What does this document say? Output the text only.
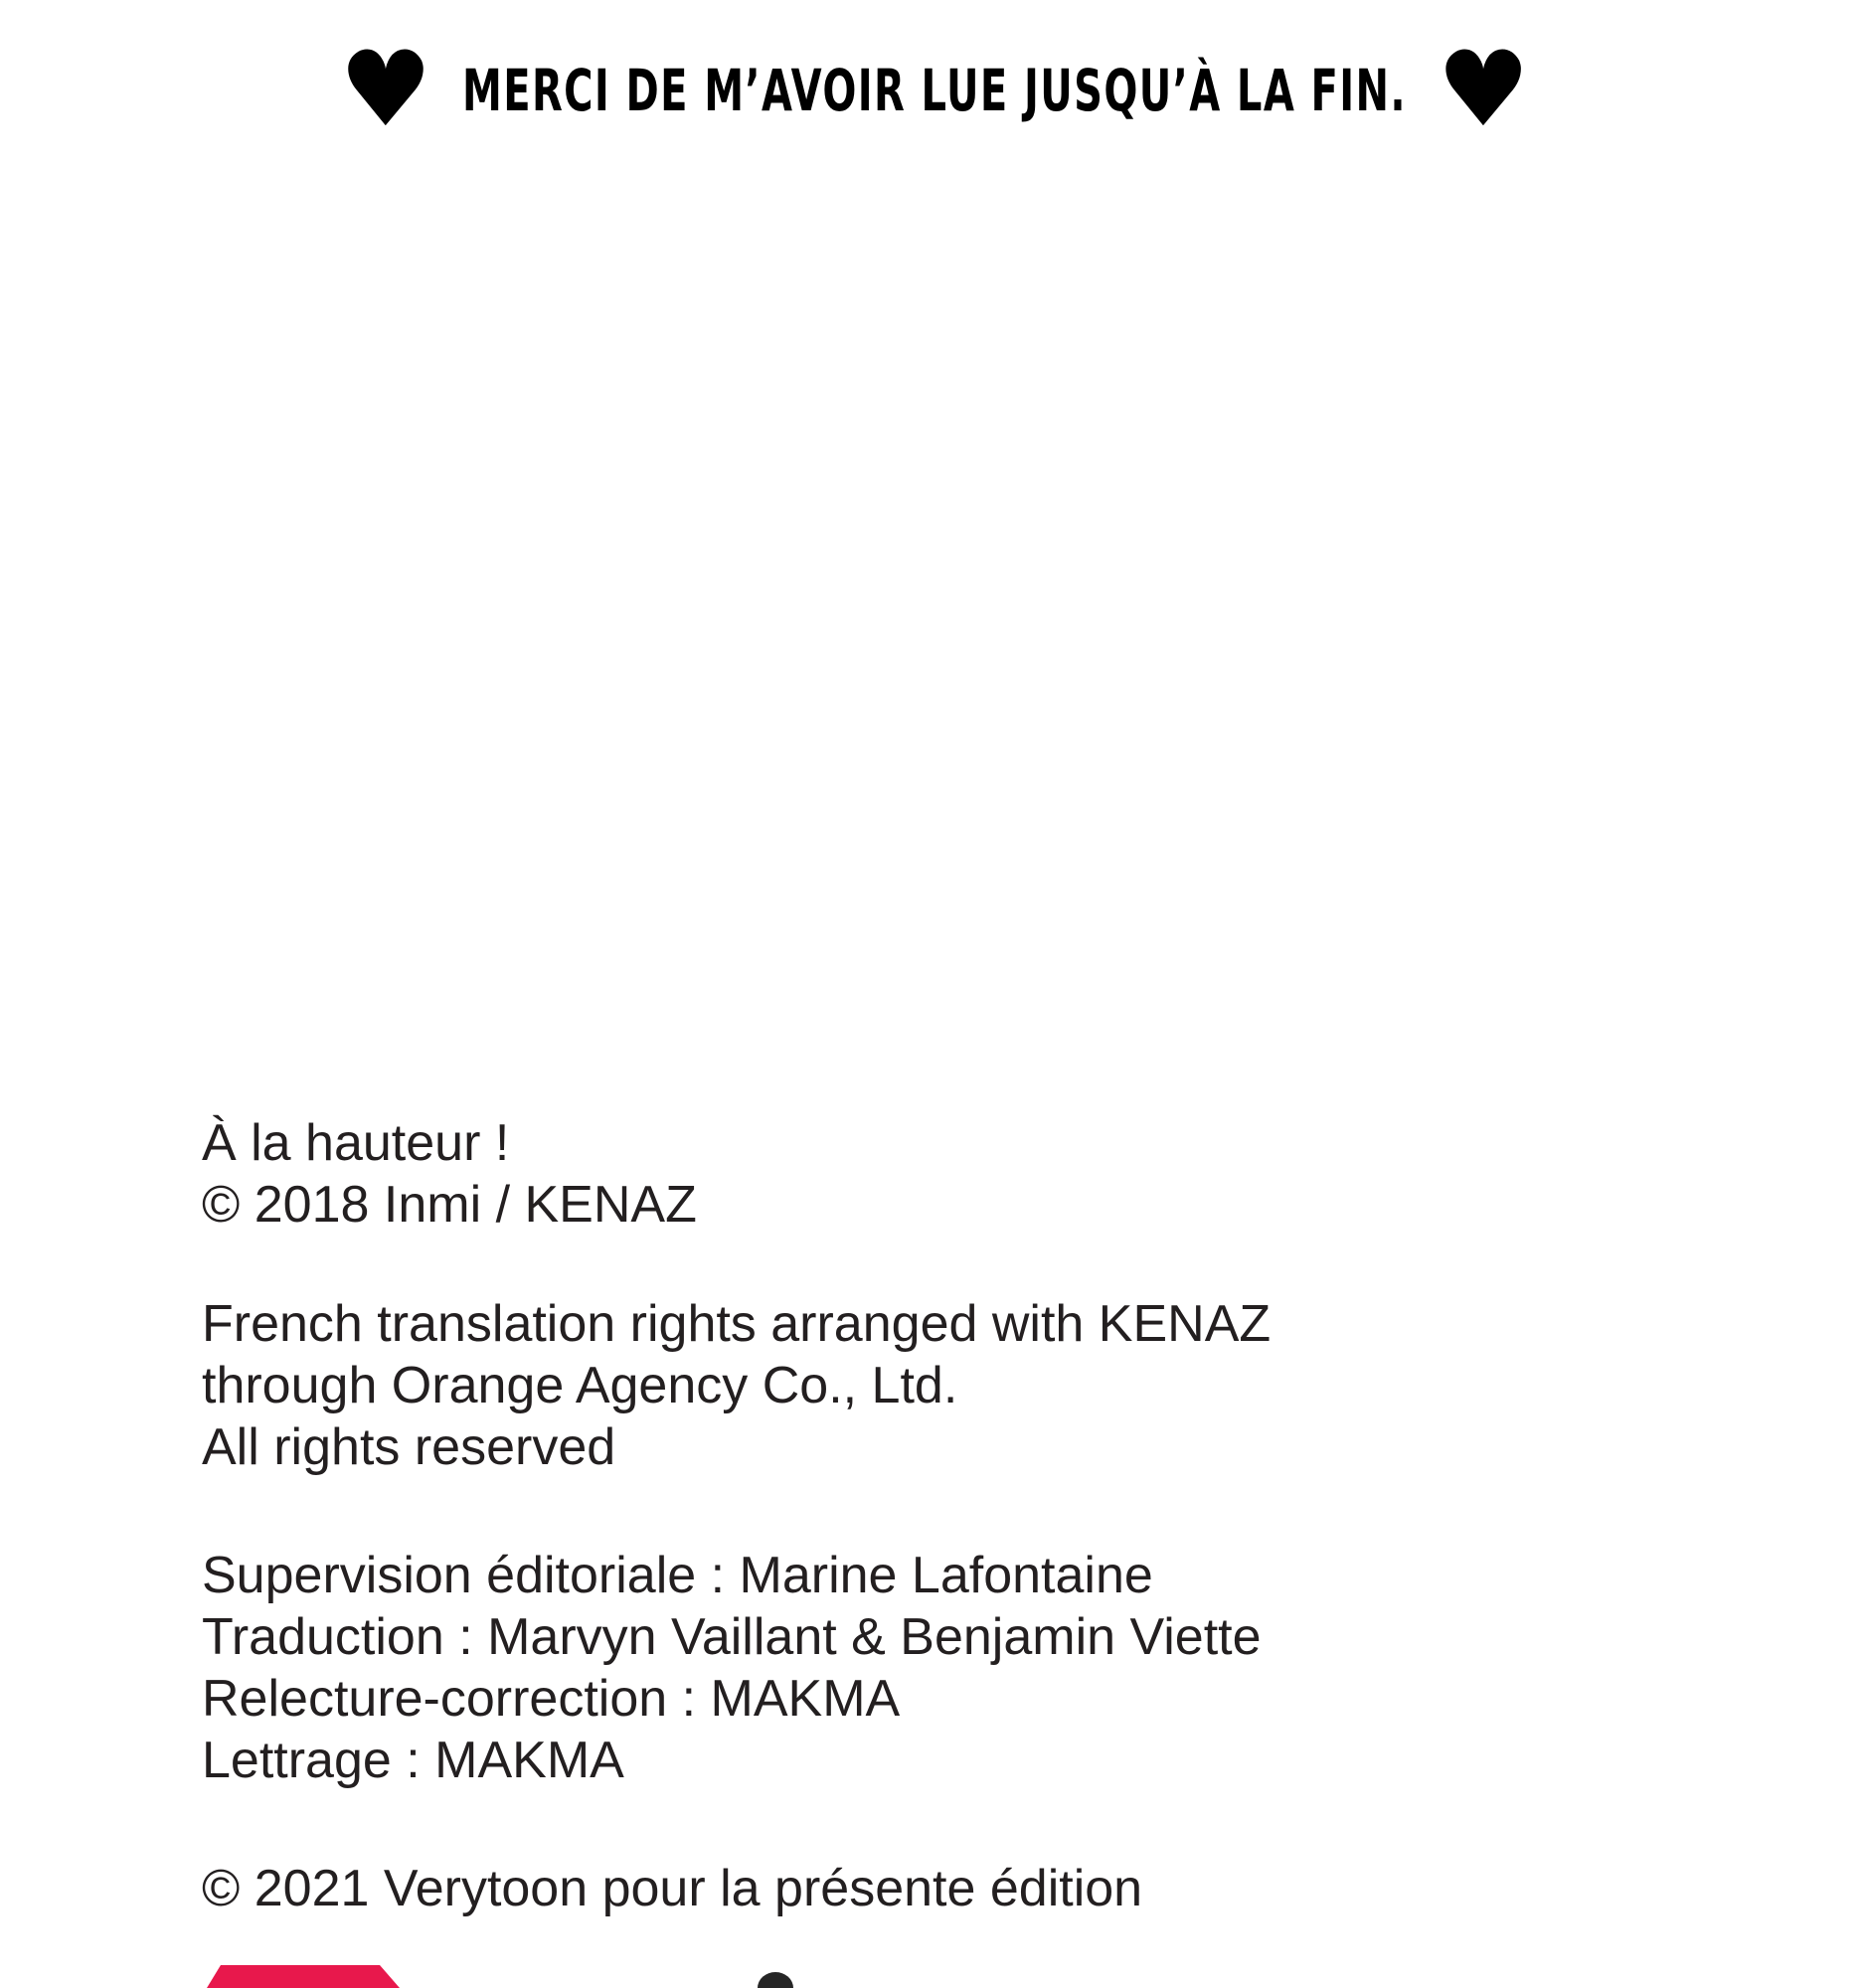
♥ MERCI DE M’AVOIR LUE JUSQU’À LA FIN. ♥
À la hauteur !
© 2018 Inmi / KENAZ
French translation rights arranged with KENAZ
through Orange Agency Co., Ltd.
All rights reserved
Supervision éditoriale : Marine Lafontaine
Traduction : Marvyn Vaillant & Benjamin Viette
Relecture-correction : MAKMA
Lettrage : MAKMA
© 2021 Verytoon pour la présente édition
